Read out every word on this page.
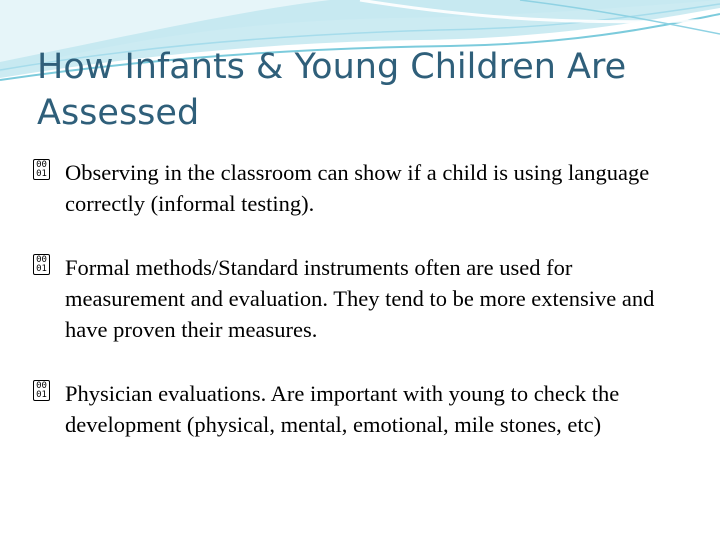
How Infants & Young Children Are Assessed
00
01 Observing in the classroom can show if a child is using language correctly (informal testing).
00
01 Formal methods/Standard instruments often are used for measurement and evaluation. They tend to be more extensive and have proven their measures.
00
01 Physician evaluations. Are important with young to check the development (physical, mental, emotional, mile stones, etc)
